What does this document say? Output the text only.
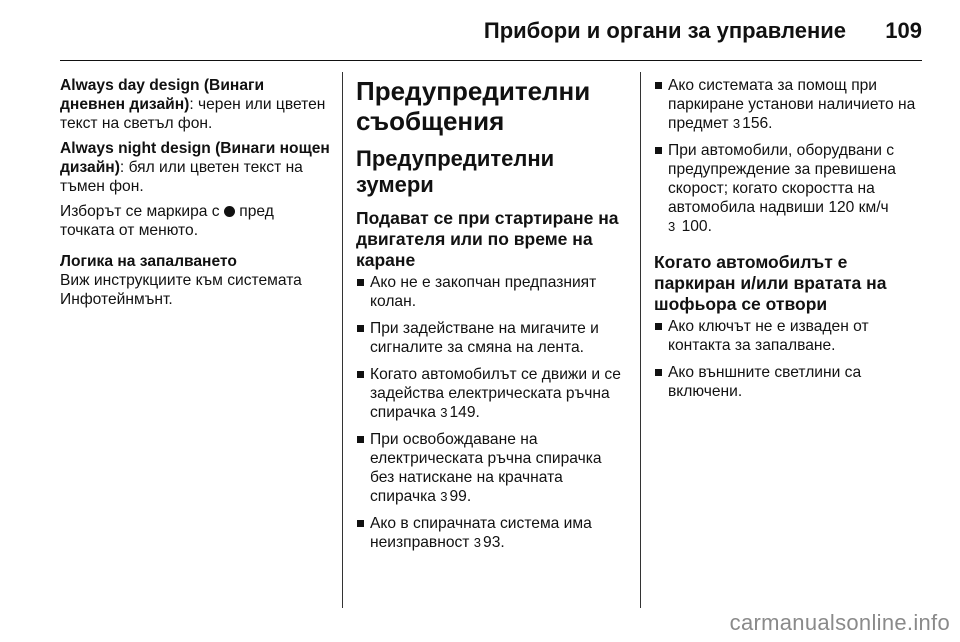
Прибори и органи за управление 109

Always day design (Винаги дневнен дизайн): черен или цветен текст на светъл фон.

Always night design (Винаги нощен дизайн): бял или цветен текст на тъмен фон.

Изборът се маркира с пред точката от менюто.

Логика на запалването

Виж инструкциите към системата Инфотейнмънт.

Предупредителни съобщения
Предупредителни зумери
Подават се при стартиране на двигателя или по време на каране
Ако не е закопчан предпазният колан.
При задействане на мигачите и сигналите за смяна на лента.
Когато автомобилът се движи и се задейства електрическата ръчна спирачка 3 149.
При освобождаване на електрическата ръчна спирачка без натискане на крачната спирачка 3 99.
Ако в спирачната система има неизправност 3 93.
Ако системата за помощ при паркиране установи наличието на предмет 3 156.
При автомобили, оборудвани с предупреждение за превишена скорост; когато скоростта на автомобила надвиши 120 км/ч
3 100.
Когато автомобилът е паркиран и/или вратата на шофьора се отвори
Ако ключът не е изваден от контакта за запалване.
Ако външните светлини са включени.
carmanualsonline.info
